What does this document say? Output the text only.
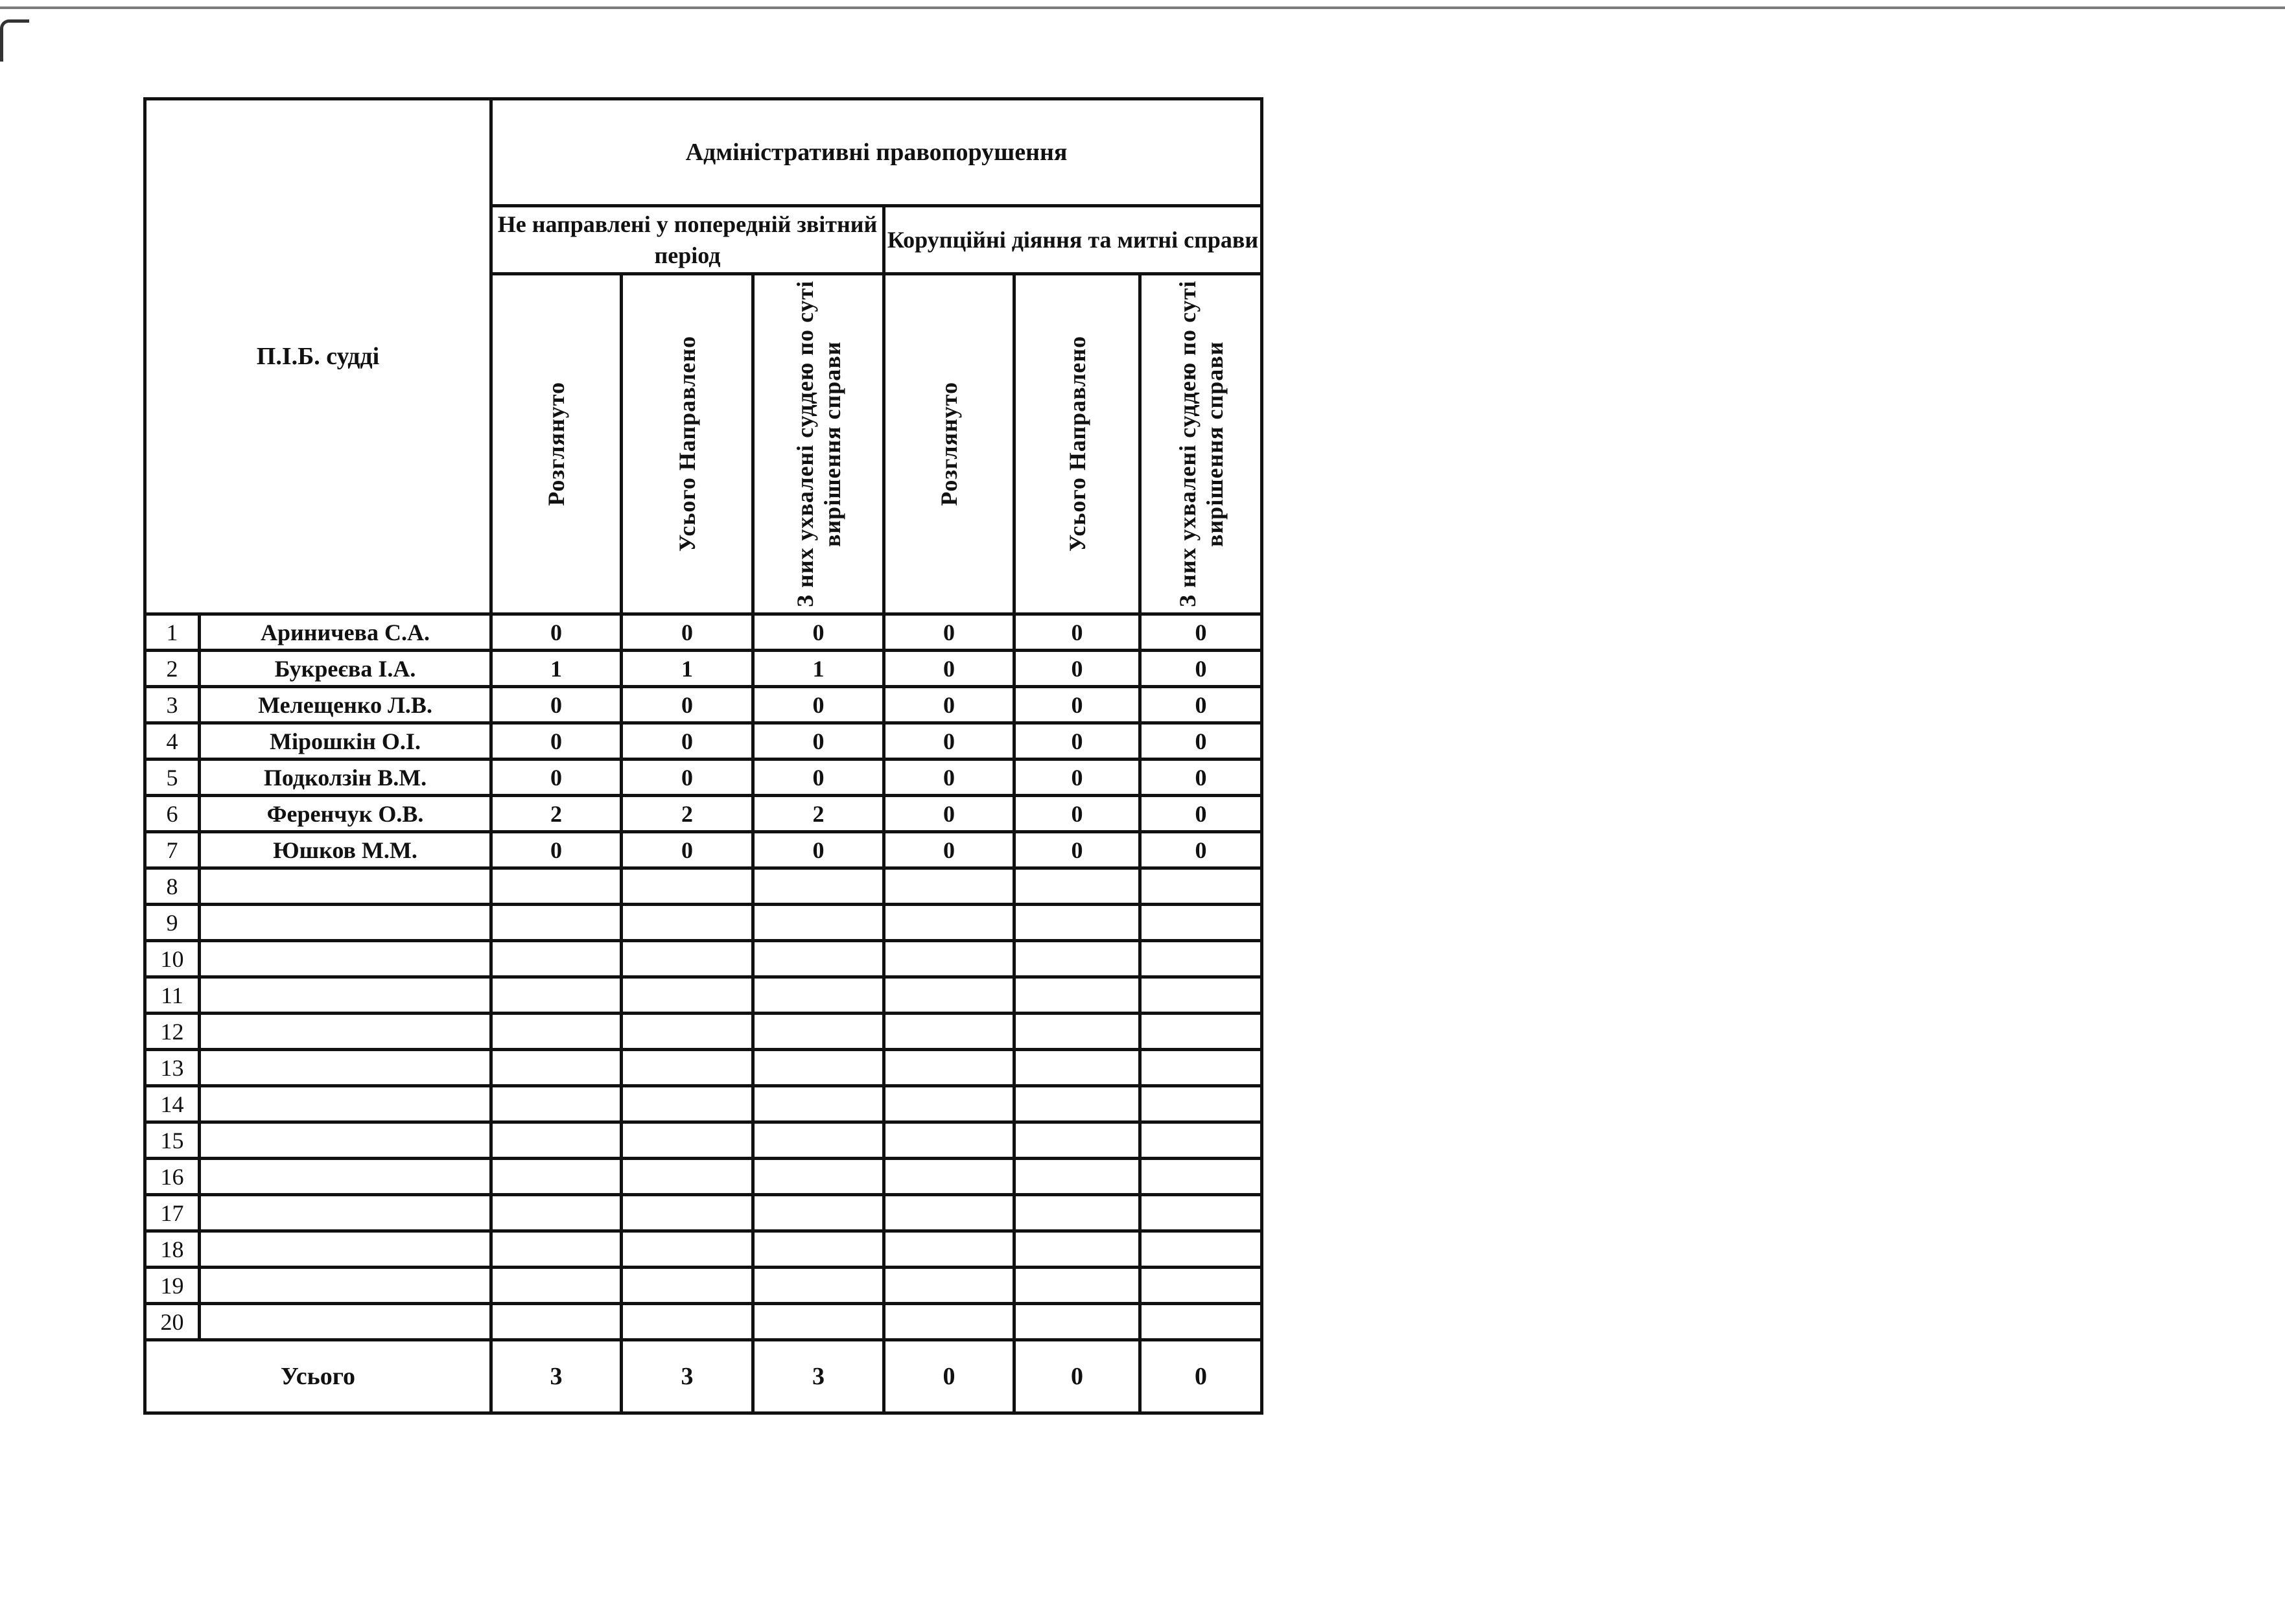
П.І.Б. судді		Адміністративні правопорушення					
		Не направлені у попередній звітний період			Корупційні діяння та митні справи		

		Розглянуто	Усього Направлено	З них ухвалені суддею по суті вирішення справи	Розглянуто	Усього Направлено	З них ухвалені суддею по суті вирішення справи

1	Ариничева С.А.	0	0	0	0	0	0
2	Букреєва І.А.	1	1	1	0	0	0
3	Мелещенко Л.В.	0	0	0	0	0	0
4	Мірошкін О.І.	0	0	0	0	0	0
5	Подколзін В.М.	0	0	0	0	0	0
6	Ференчук О.В.	2	2	2	0	0	0
7	Юшков М.М.	0	0	0	0	0	0
8							
9							
10							
11							
12							
13							
14							
15							
16							
17							
18							
19							
20							
Усього		3	3	3	0	0	0
